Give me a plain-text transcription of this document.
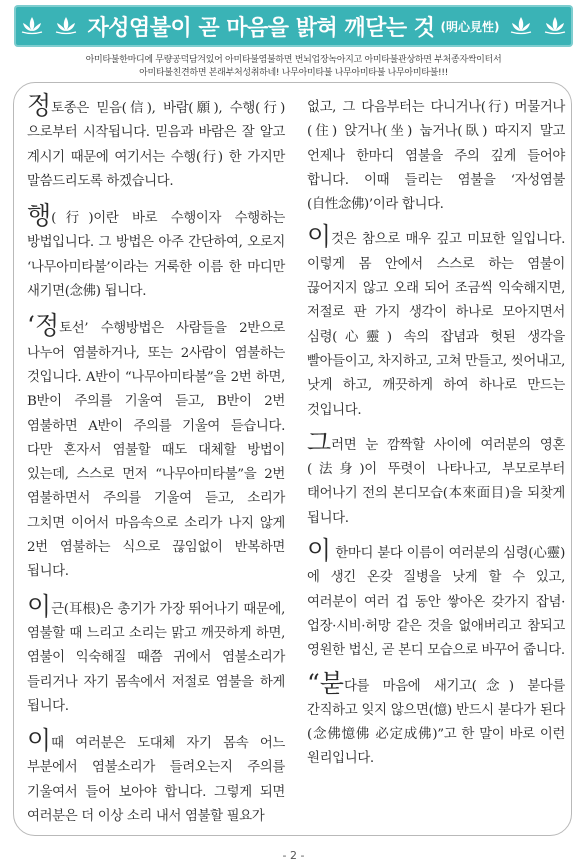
자성염불이 곧 마음을 밝혀 깨닫는 것 (明心見性)
아미타불한마디에 무량공덕담겨있어 아미타불염불하면 번뇌업장녹아지고 아미타불관상하면 부처종자싹이터서
아미타불친견하면 본래부처성취하네! 나무아미타불 나무아미타불 나무아미타불!!!

정토종은 믿음(信), 바람(願), 수행(行)으로부터 시작됩니다. 믿음과 바람은 잘 알고 계시기 때문에 여기서는 수행(行) 한 가지만 말씀드리도록 하겠습니다.

행(行)이란 바로 수행이자 수행하는 방법입니다. 그 방법은 아주 간단하여, 오로지 ‘나무아미타불’이라는 거룩한 이름 한 마디만 새기면(念佛) 됩니다.

‘정토선’ 수행방법은 사람들을 2반으로 나누어 염불하거나, 또는 2사람이 염불하는 것입니다. A반이 “나무아미타불”을 2번 하면, B반이 주의를 기울여 듣고, B반이 2번 염불하면 A반이 주의를 기울여 듣습니다. 다만 혼자서 염불할 때도 대체할 방법이 있는데, 스스로 먼저 “나무아미타불”을 2번 염불하면서 주의를 기울여 듣고, 소리가 그치면 이어서 마음속으로 소리가 나지 않게 2번 염불하는 식으로 끊임없이 반복하면 됩니다.

이근(耳根)은 총기가 가장 뛰어나기 때문에, 염불할 때 느리고 소리는 맑고 깨끗하게 하면, 염불이 익숙해질 때쯤 귀에서 염불소리가 들리거나 자기 몸속에서 저절로 염불을 하게 됩니다.

이때 여러분은 도대체 자기 몸속 어느 부분에서 염불소리가 들려오는지 주의를 기울여서 들어 보아야 합니다. 그렇게 되면 여러분은 더 이상 소리 내서 염불할 필요가

없고, 그 다음부터는 다니거나(行) 머물거나(住) 앉거나(坐) 눕거나(臥) 따지지 말고 언제나 한마디 염불을 주의 깊게 들어야 합니다. 이때 들리는 염불을 ‘자성염불(自性念佛)’이라 합니다.

이것은 참으로 매우 깊고 미묘한 일입니다. 이렇게 몸 안에서 스스로 하는 염불이 끊어지지 않고 오래 되어 조금씩 익숙해지면, 저절로 판 가지 생각이 하나로 모아지면서 심령(心靈) 속의 잡념과 헛된 생각을 빨아들이고, 차지하고, 고쳐 만들고, 씻어내고, 낫게 하고, 깨끗하게 하여 하나로 만드는 것입니다.

그러면 눈 깜짝할 사이에 여러분의 영혼(法身)이 뚜렷이 나타나고, 부모로부터 태어나기 전의 본디모습(本來面目)을 되찾게 됩니다.

이 한마디 붇다 이름이 여러분의 심령(心靈)에 생긴 온갖 질병을 낫게 할 수 있고, 여러분이 여러 겁 동안 쌓아온 갖가지 잡념·업장·시비·허망 같은 것을 없애버리고 참되고 영원한 법신, 곧 본디 모습으로 바꾸어 줍니다.

“붇다를 마음에 새기고(念) 붇다를 간직하고 잊지 않으면(憶) 반드시 붇다가 된다(念佛憶佛 必定成佛)”고 한 말이 바로 이런 원리입니다.

- 2 -
